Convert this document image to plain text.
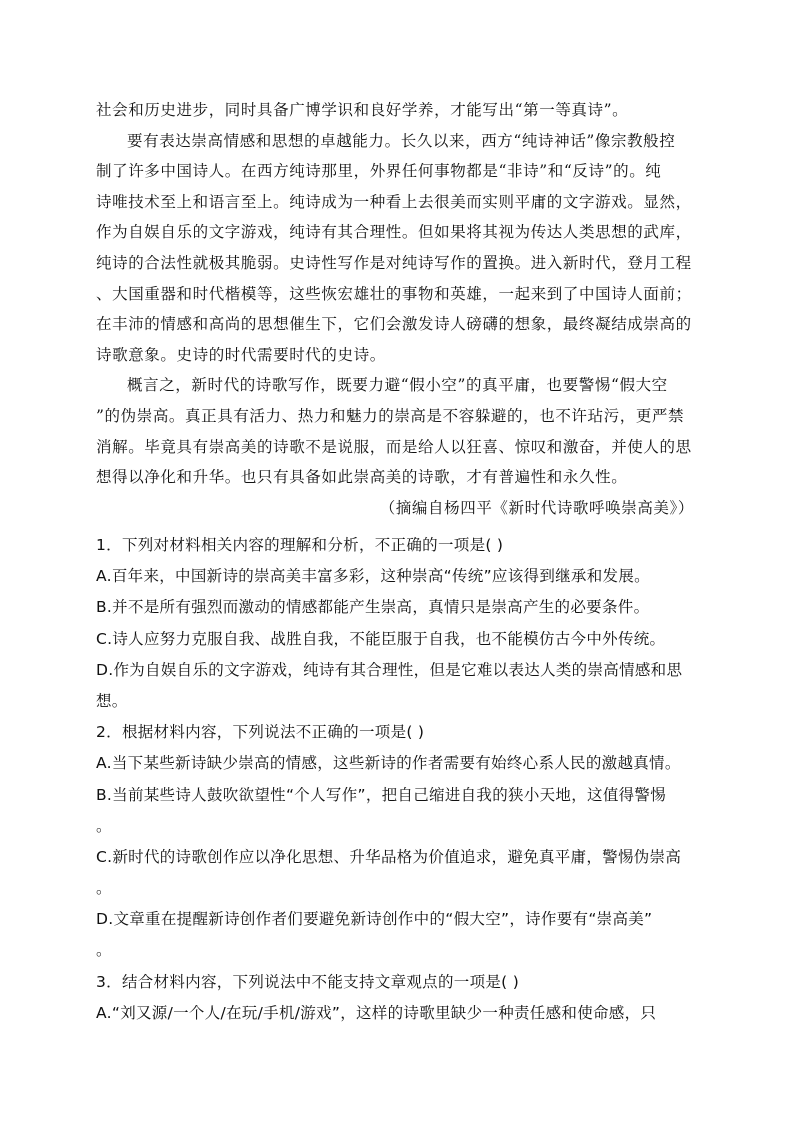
社会和历史进步，同时具备广博学识和良好学养，才能写出“第一等真诗”。
要有表达崇高情感和思想的卓越能力。长久以来，西方“纯诗神话”像宗教般控
制了许多中国诗人。在西方纯诗那里，外界任何事物都是“非诗”和“反诗”的。纯
诗唯技术至上和语言至上。纯诗成为一种看上去很美而实则平庸的文字游戏。显然，
作为自娱自乐的文字游戏，纯诗有其合理性。但如果将其视为传达人类思想的武库，
纯诗的合法性就极其脆弱。史诗性写作是对纯诗写作的置换。进入新时代，登月工程
、大国重器和时代楷模等，这些恢宏雄壮的事物和英雄，一起来到了中国诗人面前；
在丰沛的情感和高尚的思想催生下，它们会激发诗人磅礴的想象，最终凝结成崇高的
诗歌意象。史诗的时代需要时代的史诗。
概言之，新时代的诗歌写作，既要力避“假小空”的真平庸，也要警惕“假大空
”的伪崇高。真正具有活力、热力和魅力的崇高是不容躲避的，也不许玷污，更严禁
消解。毕竟具有崇高美的诗歌不是说服，而是给人以狂喜、惊叹和激奋，并使人的思
想得以净化和升华。也只有具备如此崇高美的诗歌，才有普遍性和永久性。
（摘编自杨四平《新时代诗歌呼唤崇高美》）
1．下列对材料相关内容的理解和分析，不正确的一项是( )
A.百年来，中国新诗的崇高美丰富多彩，这种崇高“传统”应该得到继承和发展。
B.并不是所有强烈而激动的情感都能产生崇高，真情只是崇高产生的必要条件。
C.诗人应努力克服自我、战胜自我，不能臣服于自我，也不能模仿古今中外传统。
D.作为自娱自乐的文字游戏，纯诗有其合理性，但是它难以表达人类的崇高情感和思
想。
2．根据材料内容，下列说法不正确的一项是( )
A.当下某些新诗缺少崇高的情感，这些新诗的作者需要有始终心系人民的激越真情。
B.当前某些诗人鼓吹欲望性“个人写作”，把自己缩进自我的狭小天地，这值得警惕
。
C.新时代的诗歌创作应以净化思想、升华品格为价值追求，避免真平庸，警惕伪崇高
。
D.文章重在提醒新诗创作者们要避免新诗创作中的“假大空”，诗作要有“崇高美”
。
3．结合材料内容，下列说法中不能支持文章观点的一项是( )
A.“刘又源/一个人/在玩/手机/游戏”，这样的诗歌里缺少一种责任感和使命感，只
